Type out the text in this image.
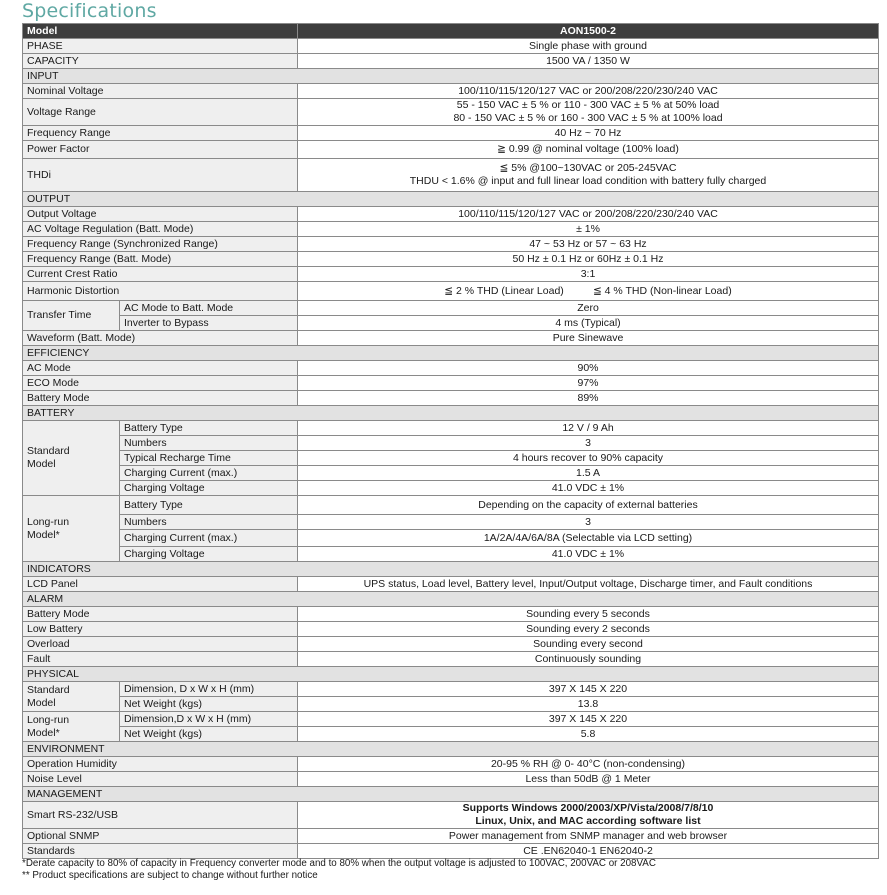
Specifications
Model		AON1500-2
PHASE		Single phase with ground
CAPACITY		1500 VA / 1350 W
INPUT		
Nominal Voltage		100/110/115/120/127 VAC or 200/208/220/230/240 VAC
Voltage Range		55 - 150 VAC ± 5 % or 110 - 300 VAC ± 5 % at 50% load
80 - 150 VAC ± 5 % or 160 - 300 VAC ± 5 % at 100% load

Frequency Range		40 Hz ~ 70 Hz
Power Factor		≧ 0.99 @ nominal voltage (100% load)
THDi		≦ 5% @100~130VAC or 205-245VAC
THDU < 1.6% @ input and full linear load condition with battery fully charged

OUTPUT		
Output Voltage		100/110/115/120/127 VAC or 200/208/220/230/240 VAC
AC Voltage Regulation (Batt. Mode)		± 1%
Frequency Range (Synchronized Range)		47 ~ 53 Hz or 57 ~ 63 Hz
Frequency Range (Batt. Mode)		50 Hz ± 0.1 Hz or 60Hz ± 0.1 Hz
Current Crest Ratio		3:1
Harmonic Distortion		≦ 2 % THD (Linear Load)          ≦ 4 % THD (Non-linear Load)
Transfer Time	AC Mode to Batt. Mode	Zero
	Inverter to Bypass	4 ms (Typical)
Waveform (Batt. Mode)		Pure Sinewave
EFFICIENCY		
AC Mode		90%
ECO Mode		97%
Battery Mode		89%
BATTERY		

Standard
Model	Battery Type	12 V / 9 Ah
	Numbers	3
	Typical Recharge Time	4 hours recover to 90% capacity
	Charging Current (max.)	1.5 A
	Charging Voltage	41.0 VDC ± 1%

Long-run
Model*	Battery Type	Depending on the capacity of external batteries
	Numbers	3
	Charging Current (max.)	1A/2A/4A/6A/8A (Selectable via LCD setting)
	Charging Voltage	41.0 VDC ± 1%
INDICATORS		
LCD Panel		UPS status, Load level, Battery level, Input/Output voltage, Discharge timer, and Fault conditions
ALARM		
Battery Mode		Sounding every 5 seconds
Low Battery		Sounding every 2 seconds
Overload		Sounding every second
Fault		Continuously sounding
PHYSICAL		

Standard
Model	Dimension, D x W x H (mm)	397 X 145 X 220
	Net Weight (kgs)	13.8

Long-run
Model*	Dimension,D x W x H (mm)	397 X 145 X 220
	Net Weight (kgs)	5.8
ENVIRONMENT		
Operation Humidity		20-95 % RH @ 0- 40°C (non-condensing)
Noise Level		Less than 50dB @ 1 Meter
MANAGEMENT		
Smart RS-232/USB		Supports Windows 2000/2003/XP/Vista/2008/7/8/10
Linux, Unix, and MAC according software list

Optional SNMP		Power management from SNMP manager and web browser
Standards		CE .EN62040-1 EN62040-2
*Derate capacity to 80% of capacity in Frequency converter mode and to 80% when the output voltage is adjusted to 100VAC, 200VAC or 208VAC
** Product specifications are subject to change without further notice
